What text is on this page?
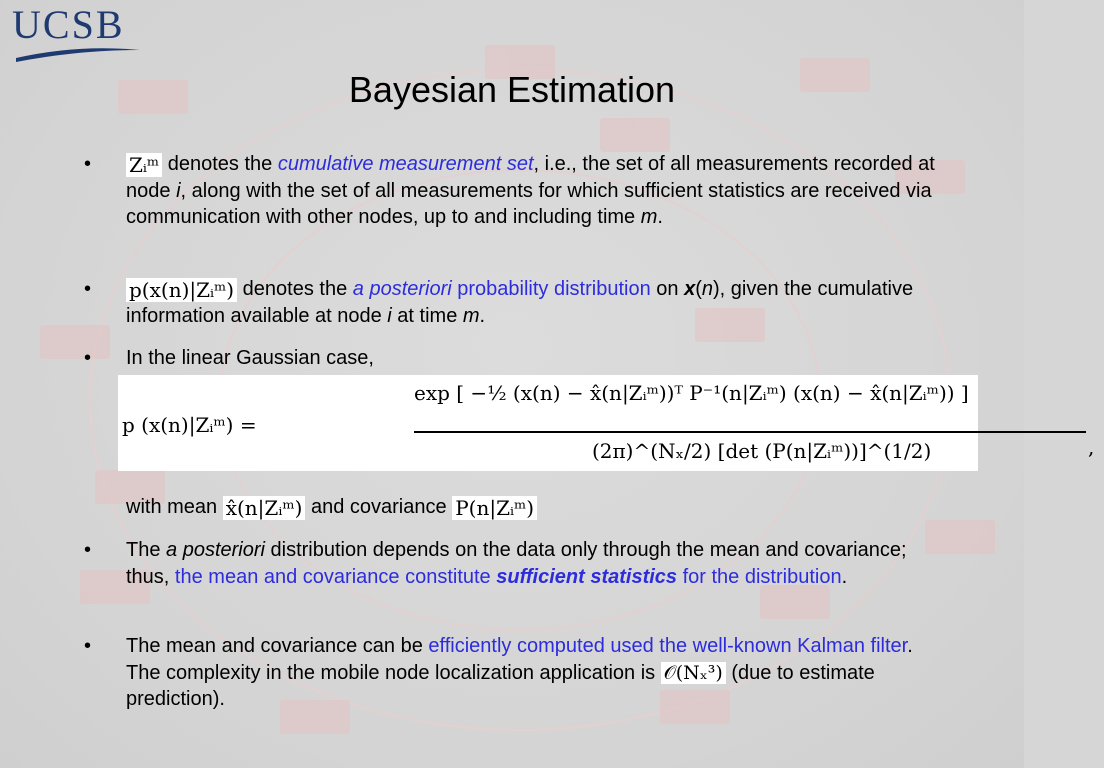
UCSB
Bayesian Estimation
•	Zᵢᵐ denotes the cumulative measurement set, i.e., the set of all measurements recorded at node i, along with the set of all measurements for which sufficient statistics are received via communication with other nodes, up to and including time m.
•	p(x(n)|Zᵢᵐ) denotes the a posteriori probability distribution on x(n), given the cumulative information available at node i at time m.
•	In the linear Gaussian case,
p (x(n)|Zᵢᵐ) =
exp [ −½ (x(n) − x̂(n|Zᵢᵐ))ᵀ P⁻¹(n|Zᵢᵐ) (x(n) − x̂(n|Zᵢᵐ)) ]
(2π)^(Nₓ/2) [det (P(n|Zᵢᵐ))]^(1/2)	,
with mean x̂(n|Zᵢᵐ) and covariance P(n|Zᵢᵐ)
•	The a posteriori distribution depends on the data only through the mean and covariance; thus, the mean and covariance constitute sufficient statistics for the distribution.
•	The mean and covariance can be efficiently computed used the well-known Kalman filter. The complexity in the mobile node localization application is 𝒪(Nₓ³) (due to estimate prediction).
